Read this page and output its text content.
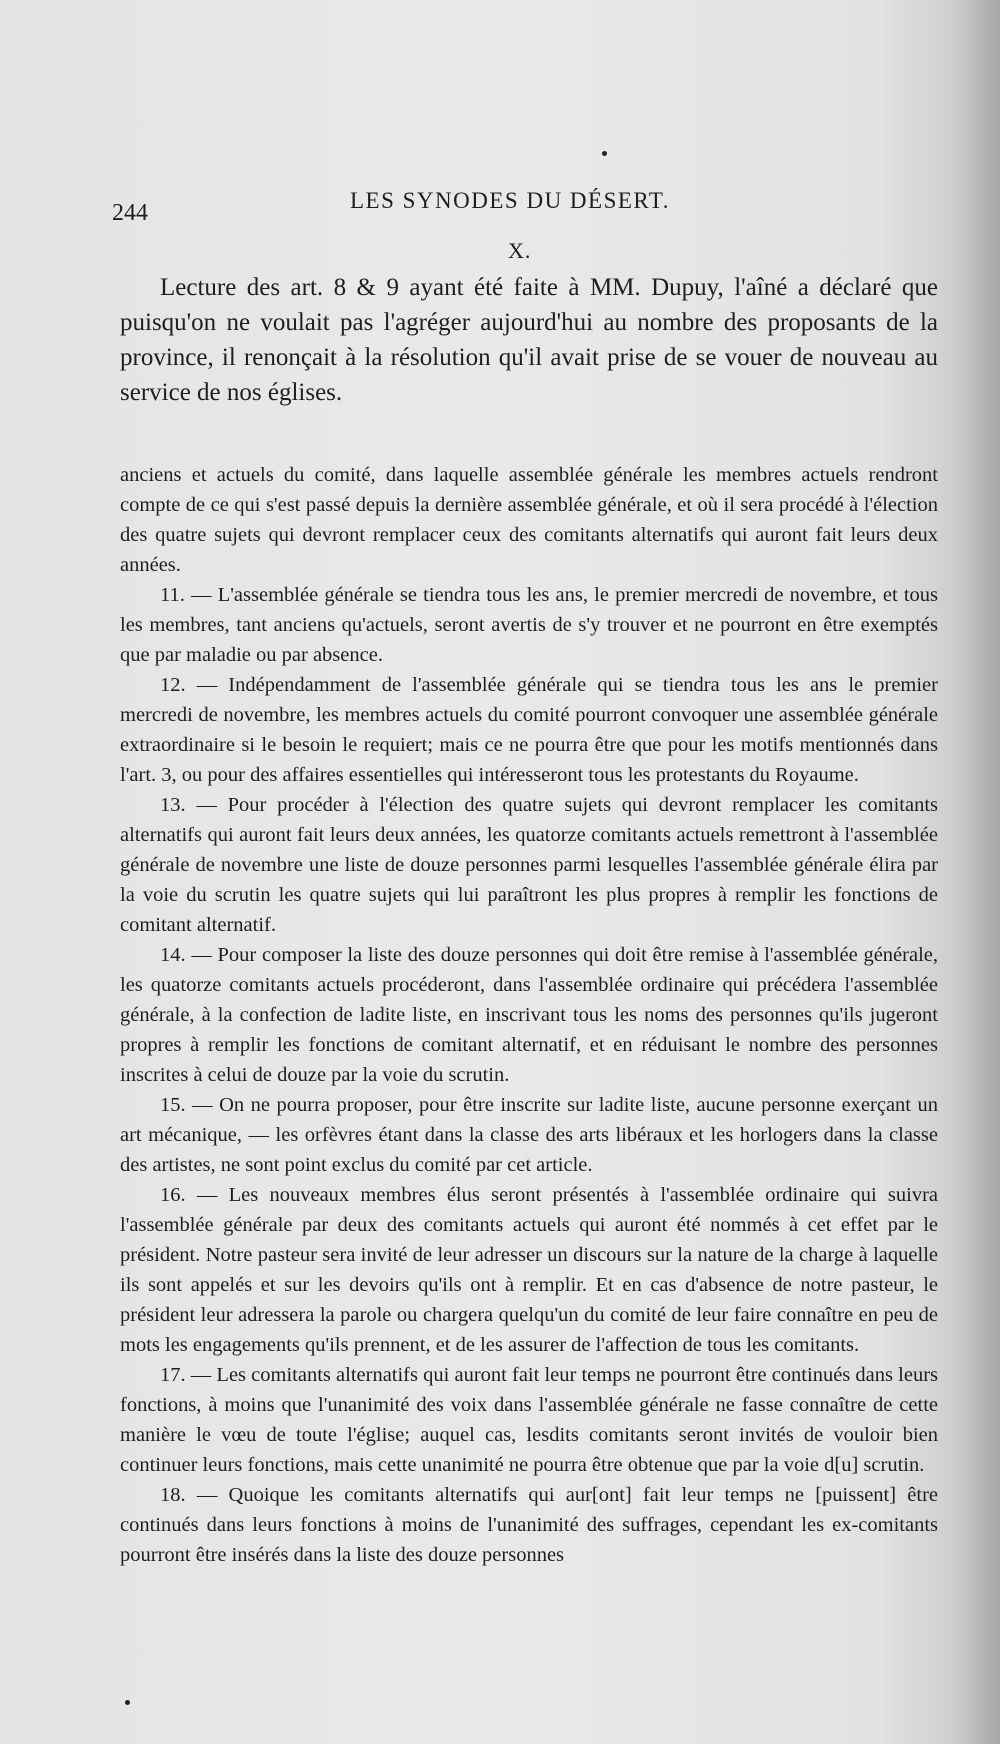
244	LES SYNODES DU DÉSERT.
X.

Lecture des art. 8 & 9 ayant été faite à MM. Dupuy, l'aîné a déclaré que puisqu'on ne voulait pas l'agréger aujourd'hui au nombre des proposants de la province, il renonçait à la résolution qu'il avait prise de se vouer de nouveau au service de nos églises.

anciens et actuels du comité, dans laquelle assemblée générale les membres actuels rendront compte de ce qui s'est passé depuis la dernière assemblée générale, et où il sera procédé à l'élection des quatre sujets qui devront remplacer ceux des comitants alternatifs qui auront fait leurs deux années.

11. — L'assemblée générale se tiendra tous les ans, le premier mercredi de novembre, et tous les membres, tant anciens qu'actuels, seront avertis de s'y trouver et ne pourront en être exemptés que par maladie ou par absence.

12. — Indépendamment de l'assemblée générale qui se tiendra tous les ans le premier mercredi de novembre, les membres actuels du comité pourront convoquer une assemblée générale extraordinaire si le besoin le requiert; mais ce ne pourra être que pour les motifs mentionnés dans l'art. 3, ou pour des affaires essentielles qui intéresseront tous les protestants du Royaume.

13. — Pour procéder à l'élection des quatre sujets qui devront remplacer les comitants alternatifs qui auront fait leurs deux années, les quatorze comitants actuels remettront à l'assemblée générale de novembre une liste de douze personnes parmi lesquelles l'assemblée générale élira par la voie du scrutin les quatre sujets qui lui paraîtront les plus propres à remplir les fonctions de comitant alternatif.

14. — Pour composer la liste des douze personnes qui doit être remise à l'assemblée générale, les quatorze comitants actuels procéderont, dans l'assemblée ordinaire qui précédera l'assemblée générale, à la confection de ladite liste, en inscrivant tous les noms des personnes qu'ils jugeront propres à remplir les fonctions de comitant alternatif, et en réduisant le nombre des personnes inscrites à celui de douze par la voie du scrutin.

15. — On ne pourra proposer, pour être inscrite sur ladite liste, aucune personne exerçant un art mécanique, — les orfèvres étant dans la classe des arts libéraux et les horlogers dans la classe des artistes, ne sont point exclus du comité par cet article.

16. — Les nouveaux membres élus seront présentés à l'assemblée ordinaire qui suivra l'assemblée générale par deux des comitants actuels qui auront été nommés à cet effet par le président. Notre pasteur sera invité de leur adresser un discours sur la nature de la charge à laquelle ils sont appelés et sur les devoirs qu'ils ont à remplir. Et en cas d'absence de notre pasteur, le président leur adressera la parole ou chargera quelqu'un du comité de leur faire connaître en peu de mots les engagements qu'ils prennent, et de les assurer de l'affection de tous les comitants.

17. — Les comitants alternatifs qui auront fait leur temps ne pourront être continués dans leurs fonctions, à moins que l'unanimité des voix dans l'assemblée générale ne fasse connaître de cette manière le vœu de toute l'église; auquel cas, lesdits comitants seront invités de vouloir bien continuer leurs fonctions, mais cette unanimité ne pourra être obtenue que par la voie d[u] scrutin.

18. — Quoique les comitants alternatifs qui aur[ont] fait leur temps ne [puissent] être continués dans leurs fonctions à moins de l'unanimité des suffrages, cependant les ex-comitants pourront être insérés dans la liste des douze personnes
